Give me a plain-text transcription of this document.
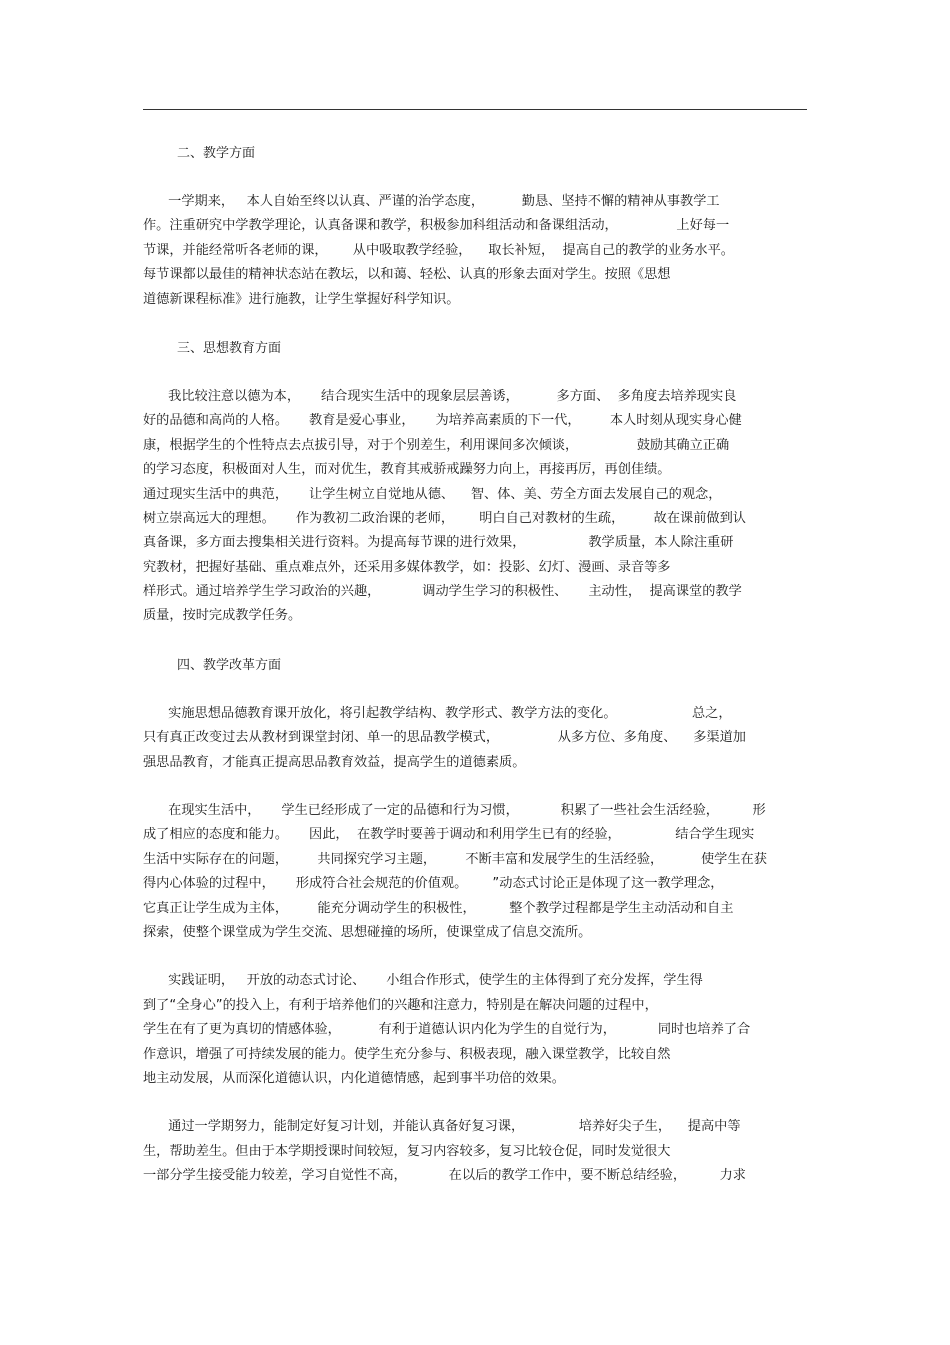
二、教学方面
一学期来，   本人自始至终以认真、严谨的治学态度，         勤恳、坚持不懈的精神从事教学工
作。注重研究中学教学理论，认真备课和教学，积极参加科组活动和备课组活动，              上好每一
节课，并能经常听各老师的课，      从中吸取教学经验，    取长补短，  提高自己的教学的业务水平。
每节课都以最佳的精神状态站在教坛，以和蔼、轻松、认真的形象去面对学生。按照《思想
道德新课程标准》进行施教，让学生掌握好科学知识。
三、思想教育方面
我比较注意以德为本，     结合现实生活中的现象层层善诱，         多方面、  多角度去培养现实良
好的品德和高尚的人格。     教育是爱心事业，     为培养高素质的下一代，       本人时刻从现实身心健
康，根据学生的个性特点去点拔引导，对于个别差生，利用课间多次倾谈，              鼓励其确立正确
的学习态度，积极面对人生，而对优生，教育其戒骄戒躁努力向上，再接再厉，再创佳绩。
通过现实生活中的典范，     让学生树立自觉地从德、    智、体、美、劳全方面去发展自己的观念，
树立崇高远大的理想。     作为教初二政治课的老师，      明白自己对教材的生疏，       故在课前做到认
真备课，多方面去搜集相关进行资料。为提高每节课的进行效果，               教学质量，本人除注重研
究教材，把握好基础、重点难点外，还采用多媒体教学，如：投影、幻灯、漫画、录音等多
样形式。通过培养学生学习政治的兴趣，          调动学生学习的积极性、     主动性，  提高课堂的教学
质量，按时完成教学任务。
四、教学改革方面
实施思想品德教育课开放化，将引起教学结构、教学形式、教学方法的变化。                  总之，
只有真正改变过去从教材到课堂封闭、单一的思品教学模式，              从多方位、多角度、    多渠道加
强思品教育，才能真正提高思品教育效益，提高学生的道德素质。
在现实生活中，     学生已经形成了一定的品德和行为习惯，          积累了一些社会生活经验，        形
成了相应的态度和能力。     因此，  在教学时要善于调动和利用学生已有的经验，             结合学生现实
生活中实际存在的问题，       共同探究学习主题，       不断丰富和发展学生的生活经验，         使学生在获
得内心体验的过程中，     形成符合社会规范的价值观。      ”动态式讨论正是体现了这一教学理念，
它真正让学生成为主体，       能充分调动学生的积极性，        整个教学过程都是学生主动活动和自主
探索，使整个课堂成为学生交流、思想碰撞的场所，使课堂成了信息交流所。
实践证明，   开放的动态式讨论、     小组合作形式，使学生的主体得到了充分发挥，学生得
到了“全身心”的投入上，有利于培养他们的兴趣和注意力，特别是在解决问题的过程中，
学生在有了更为真切的情感体验，         有利于道德认识内化为学生的自觉行为，          同时也培养了合
作意识，增强了可持续发展的能力。使学生充分参与、积极表现，融入课堂教学，比较自然
地主动发展，从而深化道德认识，内化道德情感，起到事半功倍的效果。
通过一学期努力，能制定好复习计划，并能认真备好复习课，             培养好尖子生，    提高中等
生，帮助差生。但由于本学期授课时间较短，复习内容较多，复习比较仓促，同时发觉很大
一部分学生接受能力较差，学习自觉性不高，          在以后的教学工作中，要不断总结经验，        力求
